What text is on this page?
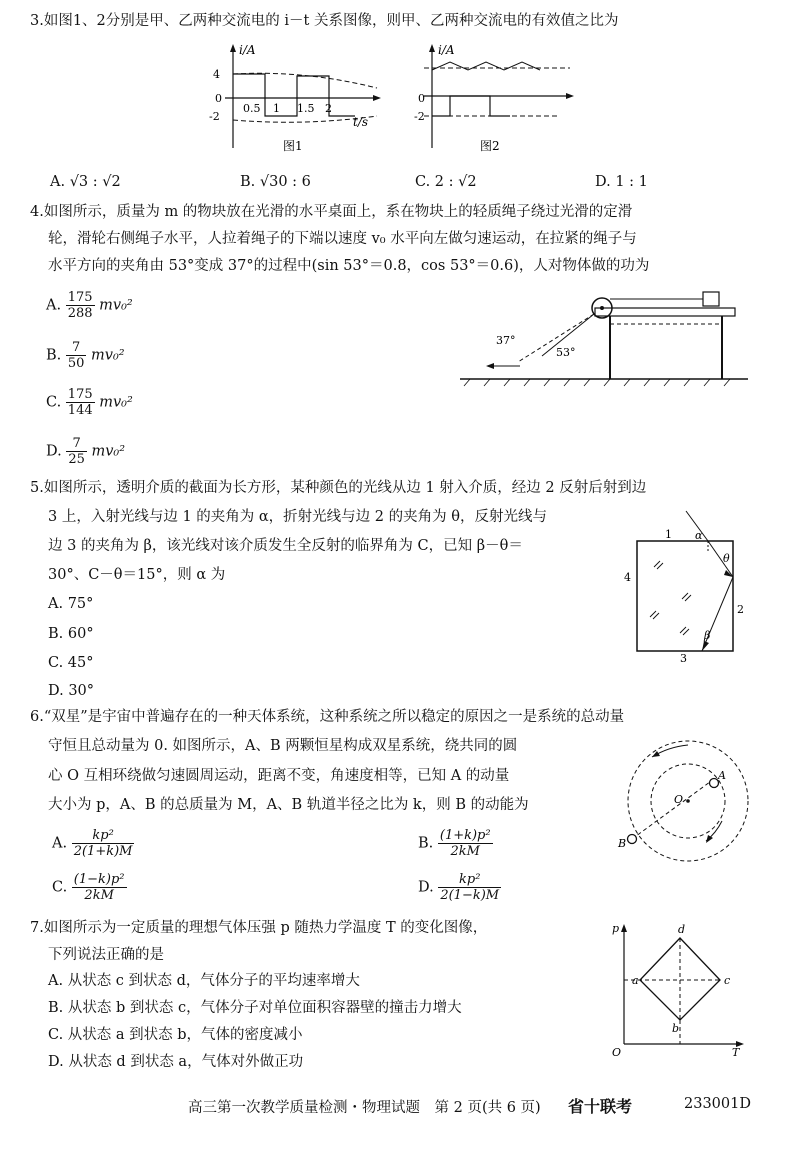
3.如图1、2分别是甲、乙两种交流电的 i－t 关系图像，则甲、乙两种交流电的有效值之比为
i/A
4
0
-2
0.5 1 1.5 2
t/s
图1
i/A
0
-2
图2
A. √3 : √2	B. √30 : 6	C. 2 : √2	D. 1 : 1
4.如图所示，质量为 m 的物块放在光滑的水平桌面上，系在物块上的轻质绳子绕过光滑的定滑
轮，滑轮右侧绳子水平，人拉着绳子的下端以速度 v₀ 水平向左做匀速运动，在拉紧的绳子与
水平方向的夹角由 53°变成 37°的过程中(sin 53°＝0.8，cos 53°＝0.6)，人对物体做的功为
A. $\frac{175}{288} mv_0^2$
B. $\frac{7}{50} mv_0^2$
C. $\frac{175}{144} mv_0^2$
D. $\frac{7}{25} mv_0^2$
37°
53°
5.如图所示，透明介质的截面为长方形，某种颜色的光线从边 1 射入介质，经边 2 反射后射到边
3 上，入射光线与边 1 的夹角为 α，折射光线与边 2 的夹角为 θ，反射光线与
边 3 的夹角为 β，该光线对该介质发生全反射的临界角为 C，已知 β－θ＝
30°、C－θ＝15°，则 α 为
A. 75°
B. 60°
C. 45°
D. 30°
1
2
3
4
α
θ
β
6.“双星”是宇宙中普遍存在的一种天体系统，这种系统之所以稳定的原因之一是系统的总动量
守恒且总动量为 0. 如图所示，A、B 两颗恒星构成双星系统，绕共同的圆
心 O 互相环绕做匀速圆周运动，距离不变，角速度相等，已知 A 的动量
大小为 p，A、B 的总质量为 M，A、B 轨道半径之比为 k，则 B 的动能为
A. $\frac{\text{kp²}}{2(1+k)M}$	B. $\frac{\text{(1+k)p²}}{2kM}$
C. $\frac{\text{(1−k)p²}}{2kM}$	D. $\frac{\text{kp²}}{2(1-k)M}$
A
B
O
7.如图所示为一定质量的理想气体压强 p 随热力学温度 T 的变化图像，
下列说法正确的是
A. 从状态 c 到状态 d，气体分子的平均速率增大
B. 从状态 b 到状态 c，气体分子对单位面积容器壁的撞击力增大
C. 从状态 a 到状态 b，气体的密度减小
D. 从状态 d 到状态 a，气体对外做正功
p
T
O
a
b
c
d
高三第一次教学质量检测・物理试题　第 2 页(共 6 页) 省十联考	233001D
